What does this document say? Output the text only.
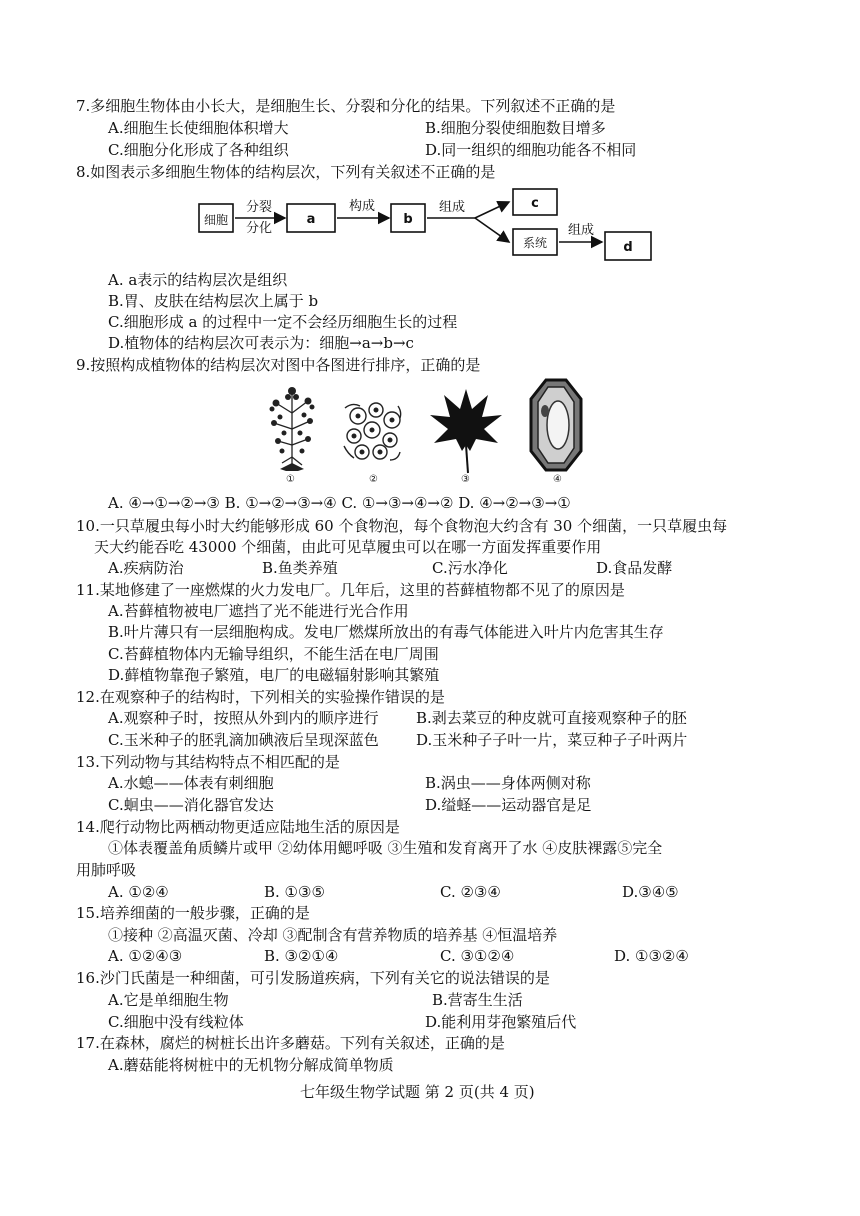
7.多细胞生物体由小长大，是细胞生长、分裂和分化的结果。下列叙述不正确的是
A.细胞生长使细胞体积增大	B.细胞分裂使细胞数目增多
C.细胞分化形成了各种组织	D.同一组织的细胞功能各不相同
8.如图表示多细胞生物体的结构层次，下列有关叙述不正确的是
细胞
分裂
分化
a
构成
b
组成	c
系统
组成
d
A. a表示的结构层次是组织
B.胃、皮肤在结构层次上属于 b
C.细胞形成 a 的过程中一定不会经历细胞生长的过程
D.植物体的结构层次可表示为：细胞→a→b→c
9.按照构成植物体的结构层次对图中各图进行排序，正确的是
①	②	③	④
A. ④→①→②→③ B. ①→②→③→④ C. ①→③→④→② D. ④→②→③→①
10.一只草履虫每小时大约能够形成 60 个食物泡，每个食物泡大约含有 30 个细菌，一只草履虫每
天大约能吞吃 43000 个细菌，由此可见草履虫可以在哪一方面发挥重要作用
A.疾病防治	B.鱼类养殖	C.污水净化	D.食品发酵
11.某地修建了一座燃煤的火力发电厂。几年后，这里的苔藓植物都不见了的原因是
A.苔藓植物被电厂遮挡了光不能进行光合作用
B.叶片薄只有一层细胞构成。发电厂燃煤所放出的有毒气体能进入叶片内危害其生存
C.苔藓植物体内无输导组织，不能生活在电厂周围
D.藓植物靠孢子繁殖，电厂的电磁辐射影响其繁殖
12.在观察种子的结构时，下列相关的实验操作错误的是
A.观察种子时，按照从外到内的顺序进行 B.剥去菜豆的种皮就可直接观察种子的胚
C.玉米种子的胚乳滴加碘液后呈现深蓝色 D.玉米种子子叶一片，菜豆种子子叶两片
13.下列动物与其结构特点不相匹配的是
A.水螅——体表有刺细胞	B.涡虫——身体两侧对称
C.蛔虫——消化器官发达	D.缢蛏——运动器官是足
14.爬行动物比两栖动物更适应陆地生活的原因是
①体表覆盖角质鳞片或甲 ②幼体用鳃呼吸 ③生殖和发育离开了水 ④皮肤裸露⑤完全
用肺呼吸
A. ①②④	B. ①③⑤	C. ②③④	D.③④⑤
15.培养细菌的一般步骤，正确的是
①接种 ②高温灭菌、冷却 ③配制含有营养物质的培养基 ④恒温培养
A. ①②④③	B. ③②①④	C. ③①②④	D. ①③②④
16.沙门氏菌是一种细菌，可引发肠道疾病，下列有关它的说法错误的是
A.它是单细胞生物	B.营寄生生活
C.细胞中没有线粒体	D.能利用芽孢繁殖后代
17.在森林，腐烂的树桩长出许多蘑菇。下列有关叙述，正确的是
A.蘑菇能将树桩中的无机物分解成简单物质
七年级生物学试题 第 2 页(共 4 页)
